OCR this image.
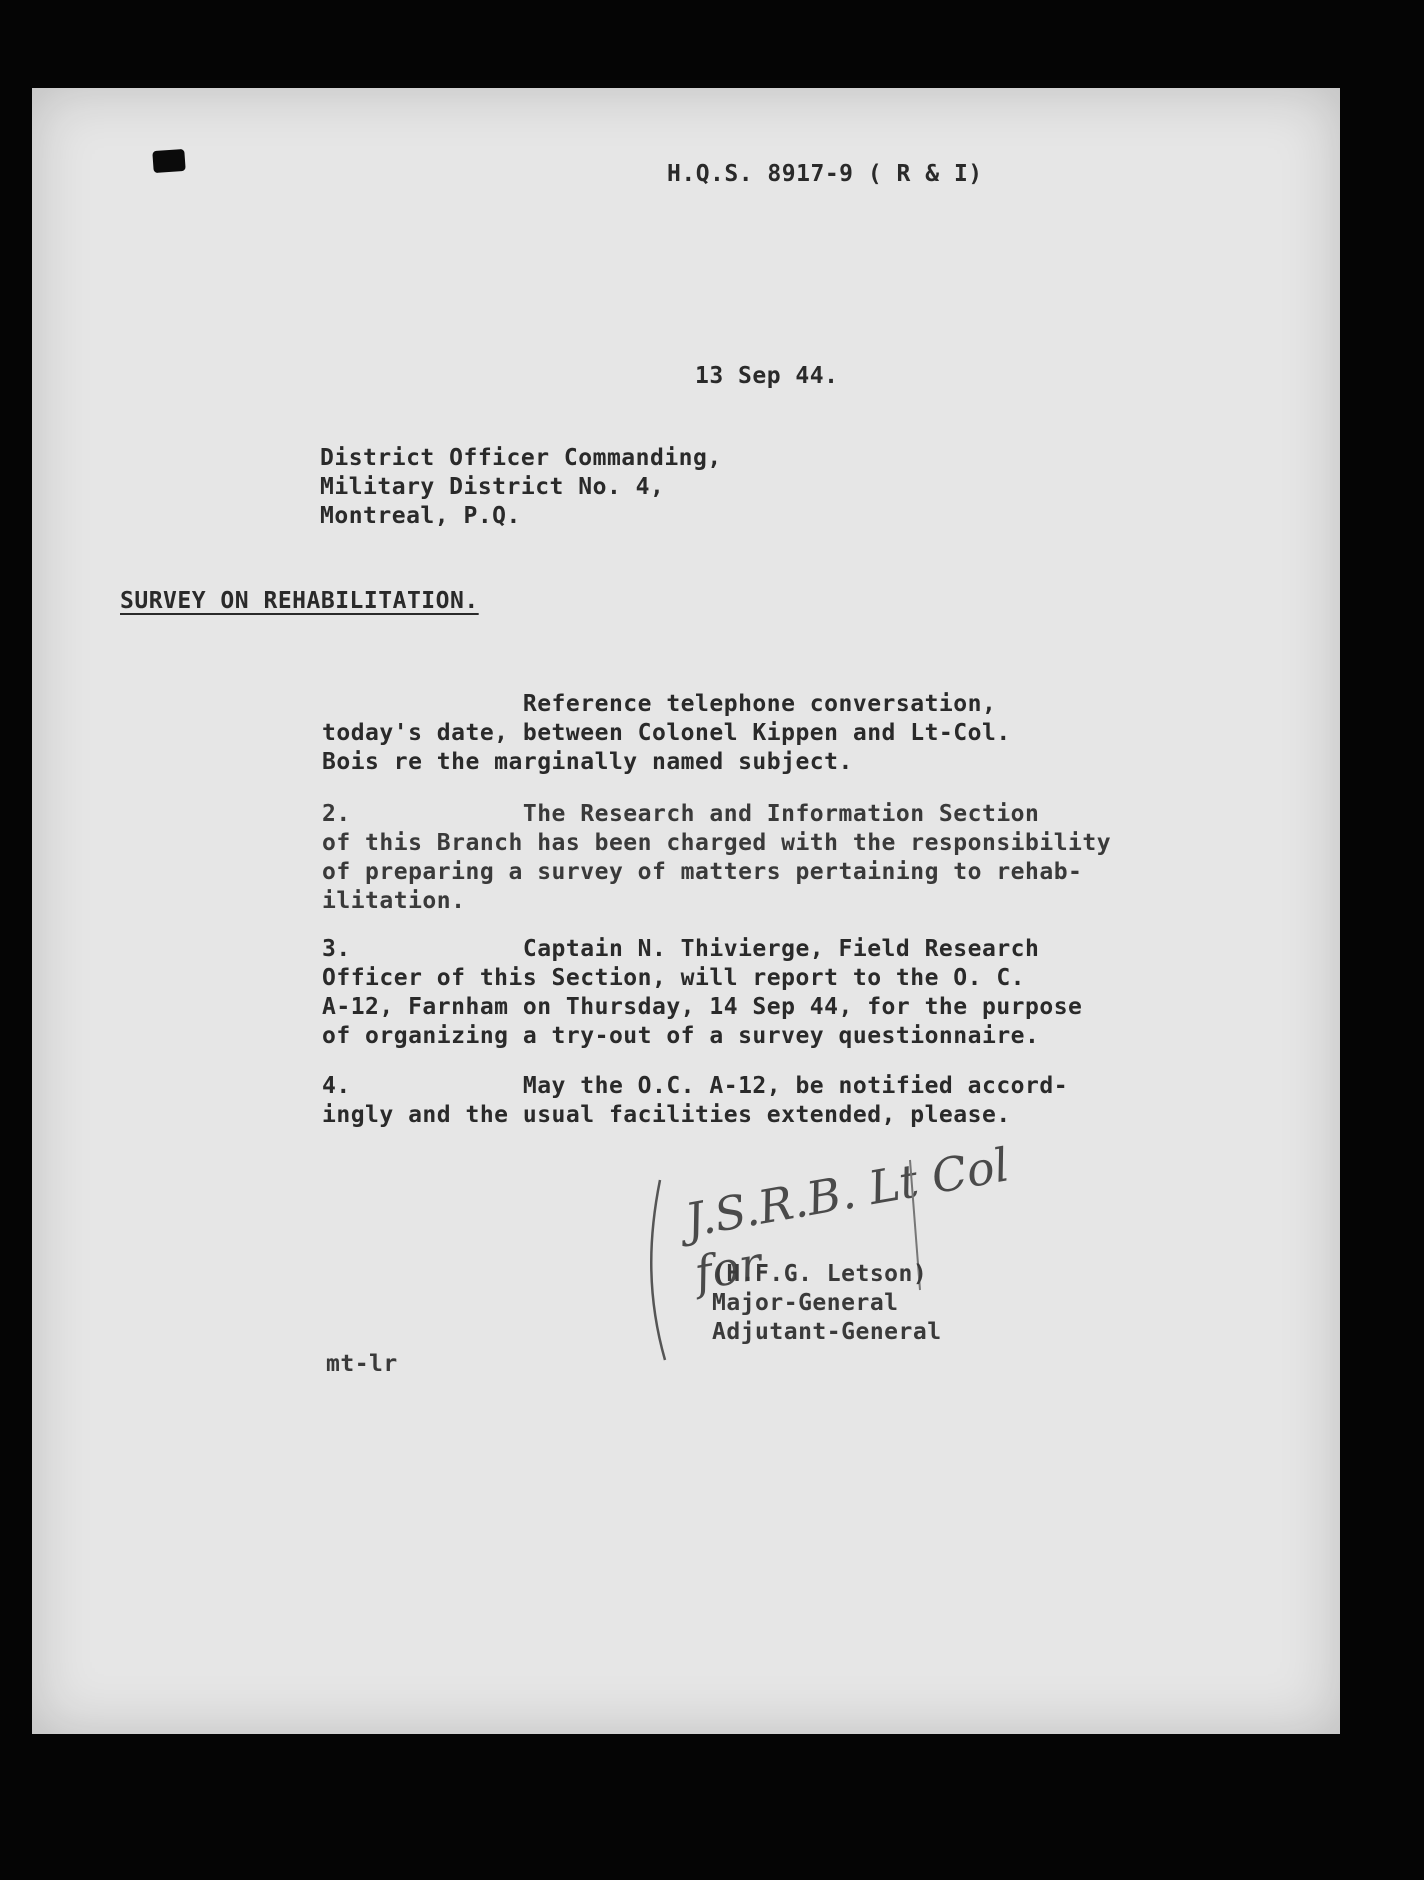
H.Q.S. 8917-9 ( R & I)
13 Sep 44.
District Officer Commanding,
Military District No. 4,
Montreal, P.Q.
SURVEY ON REHABILITATION.
Reference telephone conversation,
today's date, between Colonel Kippen and Lt-Col.
Bois re the marginally named subject.
2.            The Research and Information Section
of this Branch has been charged with the responsibility
of preparing a survey of matters pertaining to rehab-
ilitation.
3.            Captain N. Thivierge, Field Research
Officer of this Section, will report to the O. C.
A-12, Farnham on Thursday, 14 Sep 44, for the purpose
of organizing a try-out of a survey questionnaire.
4.            May the O.C. A-12, be notified accord-
ingly and the usual facilities extended, please.
J.S.R.B. Lt Col
for
(H.F.G. Letson)
Major-General
Adjutant-General
mt-lr
